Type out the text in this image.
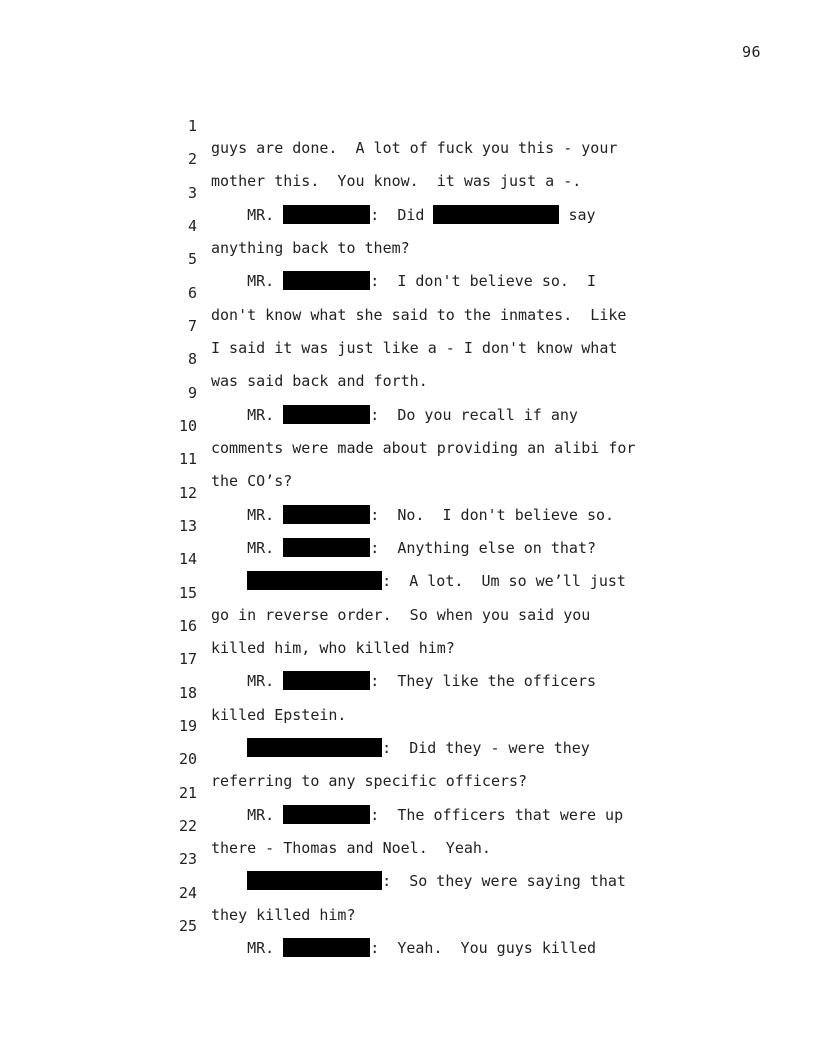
96

1

guys are done.  A lot of fuck you this - your

2

mother this.  You know.  it was just a -.

3

MR.	:  Did	say

4

anything back to them?

5

MR.	:  I don't believe so.  I

6

don't know what she said to the inmates.  Like

7

I said it was just like a - I don't know what

8

was said back and forth.

9

MR.	:  Do you recall if any

10

comments were made about providing an alibi for

11

the CO’s?

12

MR.	:  No.  I don't believe so.

13

MR.	:  Anything else on that?

14

:  A lot.  Um so we’ll just

15

go in reverse order.  So when you said you

16

killed him, who killed him?

17

MR.	:  They like the officers

18

killed Epstein.

19

:  Did they - were they

20

referring to any specific officers?

21

MR.	:  The officers that were up

22

there - Thomas and Noel.  Yeah.

23

:  So they were saying that

24

they killed him?

25

MR.	:  Yeah.  You guys killed
